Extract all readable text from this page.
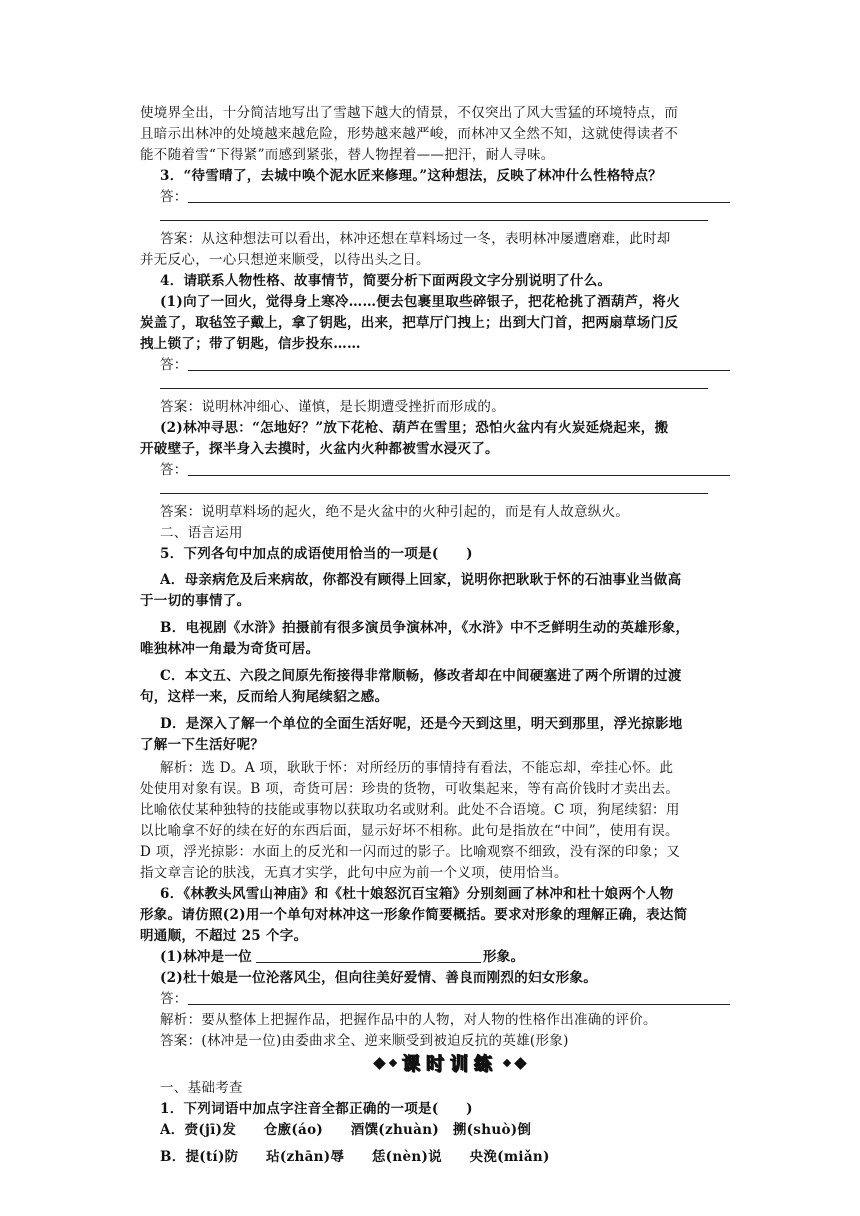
使境界全出，十分简洁地写出了雪越下越大的情景，不仅突出了风大雪猛的环境特点，而
且暗示出林冲的处境越来越危险，形势越来越严峻，而林冲又全然不知，这就使得读者不
能不随着雪“下得紧”而感到紧张，替人物捏着——把汗，耐人寻味。
3．“待雪晴了，去城中唤个泥水匠来修理。”这种想法，反映了林冲什么性格特点？
答：
答案：从这种想法可以看出，林冲还想在草料场过一冬，表明林冲屡遭磨难，此时却
并无反心，一心只想逆来顺受，以待出头之日。
4．请联系人物性格、故事情节，简要分析下面两段文字分别说明了什么。
(1)向了一回火，觉得身上寒冷……便去包裹里取些碎银子，把花枪挑了酒葫芦，将火
炭盖了，取毡笠子戴上，拿了钥匙，出来，把草厅门拽上；出到大门首，把两扇草场门反
拽上锁了；带了钥匙，信步投东……
答：
答案：说明林冲细心、谨慎，是长期遭受挫折而形成的。
(2)林冲寻思：“怎地好？”放下花枪、葫芦在雪里；恐怕火盆内有火炭延烧起来，搬
开破壁子，探半身入去摸时，火盆内火种都被雪水浸灭了。
答：
答案：说明草料场的起火，绝不是火盆中的火种引起的，而是有人故意纵火。
二、语言运用
5．下列各句中加点的成语使用恰当的一项是(　　)
A．母亲病危及后来病故，你都没有顾得上回家，说明你把耿耿于怀的石油事业当做高
于一切的事情了。
B．电视剧《水浒》拍摄前有很多演员争演林冲，《水浒》中不乏鲜明生动的英雄形象，
唯独林冲一角最为奇货可居。
C．本文五、六段之间原先衔接得非常顺畅，修改者却在中间硬塞进了两个所谓的过渡
句，这样一来，反而给人狗尾续貂之感。
D．是深入了解一个单位的全面生活好呢，还是今天到这里，明天到那里，浮光掠影地
了解一下生活好呢？
解析：选 D。A 项，耿耿于怀：对所经历的事情持有看法，不能忘却，牵挂心怀。此
处使用对象有误。B 项，奇货可居：珍贵的货物，可收集起来，等有高价钱时才卖出去。
比喻依仗某种独特的技能或事物以获取功名或财利。此处不合语境。C 项，狗尾续貂：用
以比喻拿不好的续在好的东西后面，显示好坏不相称。此句是指放在“中间”，使用有误。
D 项，浮光掠影：水面上的反光和一闪而过的影子。比喻观察不细致，没有深的印象；又
指文章言论的肤浅，无真才实学，此句中应为前一个义项，使用恰当。
6．《林教头风雪山神庙》和《杜十娘怒沉百宝箱》分别刻画了林冲和杜十娘两个人物
形象。请仿照(2)用一个单句对林冲这一形象作简要概括。要求对形象的理解正确，表达简
明通顺，不超过 25 个字。
(1)林冲是一位	形象。
(2)杜十娘是一位沦落风尘，但向往美好爱情、善良而刚烈的妇女形象。
答：
解析：要从整体上把握作品，把握作品中的人物，对人物的性格作出准确的评价。
答案：(林冲是一位)由委曲求全、逆来顺受到被迫反抗的英雄(形象)
课时训练
一、基础考查
1．下列词语中加点字注音全都正确的一项是(　　)
A．赍(jī)发　　仓廒(áo)　　酒馔(zhuàn)　搠(shuò)倒
B．提(tí)防　　玷(zhān)辱　　恁(nèn)说　　央浼(miǎn)
